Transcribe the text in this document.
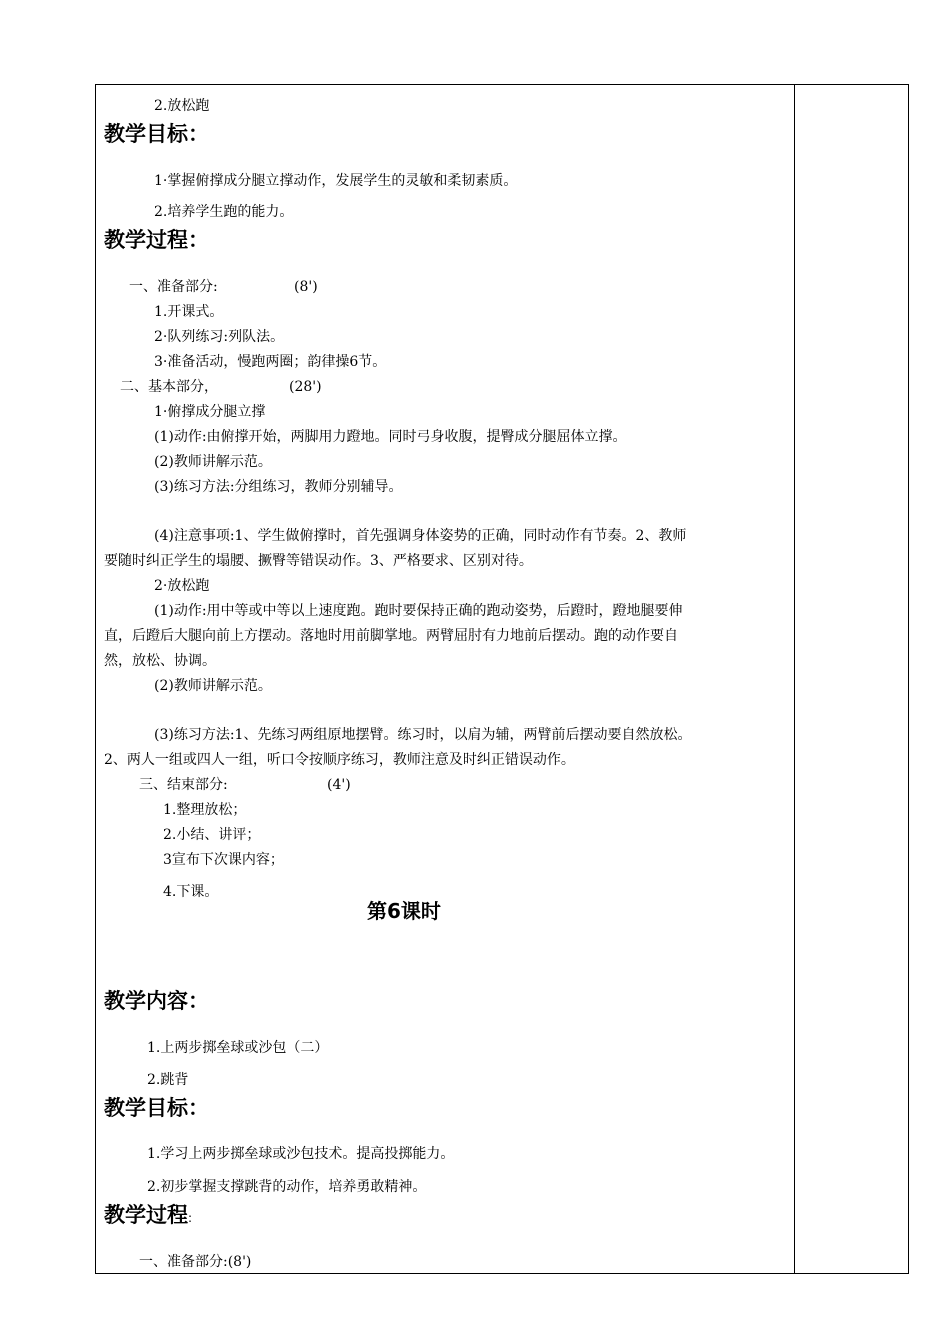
2.放松跑
教学目标：
1·掌握俯撑成分腿立撑动作，发展学生的灵敏和柔韧素质。
2.培养学生跑的能力。
教学过程：
一、准备部分:	(8')
1.开课式。
2·队列练习:列队法。
3·准备活动，慢跑两圈；韵律操6节。
二、基本部分，	(28')
1·俯撑成分腿立撑
(1)动作:由俯撑开始，两脚用力蹬地。同时弓身收腹，提臀成分腿屈体立撑。
(2)教师讲解示范。
(3)练习方法:分组练习，教师分别辅导。
(4)注意事项:1、学生做俯撑时，首先强调身体姿势的正确，同时动作有节奏。2、教师
要随时纠正学生的塌腰、撅臀等错误动作。3、严格要求、区别对待。
2·放松跑
(1)动作:用中等或中等以上速度跑。跑时要保持正确的跑动姿势，后蹬时，蹬地腿要伸
直，后蹬后大腿向前上方摆动。落地时用前脚掌地。两臂屈肘有力地前后摆动。跑的动作要自
然，放松、协调。
(2)教师讲解示范。
(3)练习方法:1、先练习两组原地摆臂。练习时，以肩为辅，两臂前后摆动要自然放松。
2、两人一组或四人一组，听口令按顺序练习，教师注意及时纠正错误动作。
三、结束部分:	(4')
1.整理放松；
2.小结、讲评；
3宣布下次课内容；
4.下课。
第6课时
教学内容：
1.上两步掷垒球或沙包（二）
2.跳背
教学目标：
1.学习上两步掷垒球或沙包技术。提高投掷能力。
2.初步掌握支撑跳背的动作，培养勇敢精神。
教学过程:
一、准备部分:(8')
